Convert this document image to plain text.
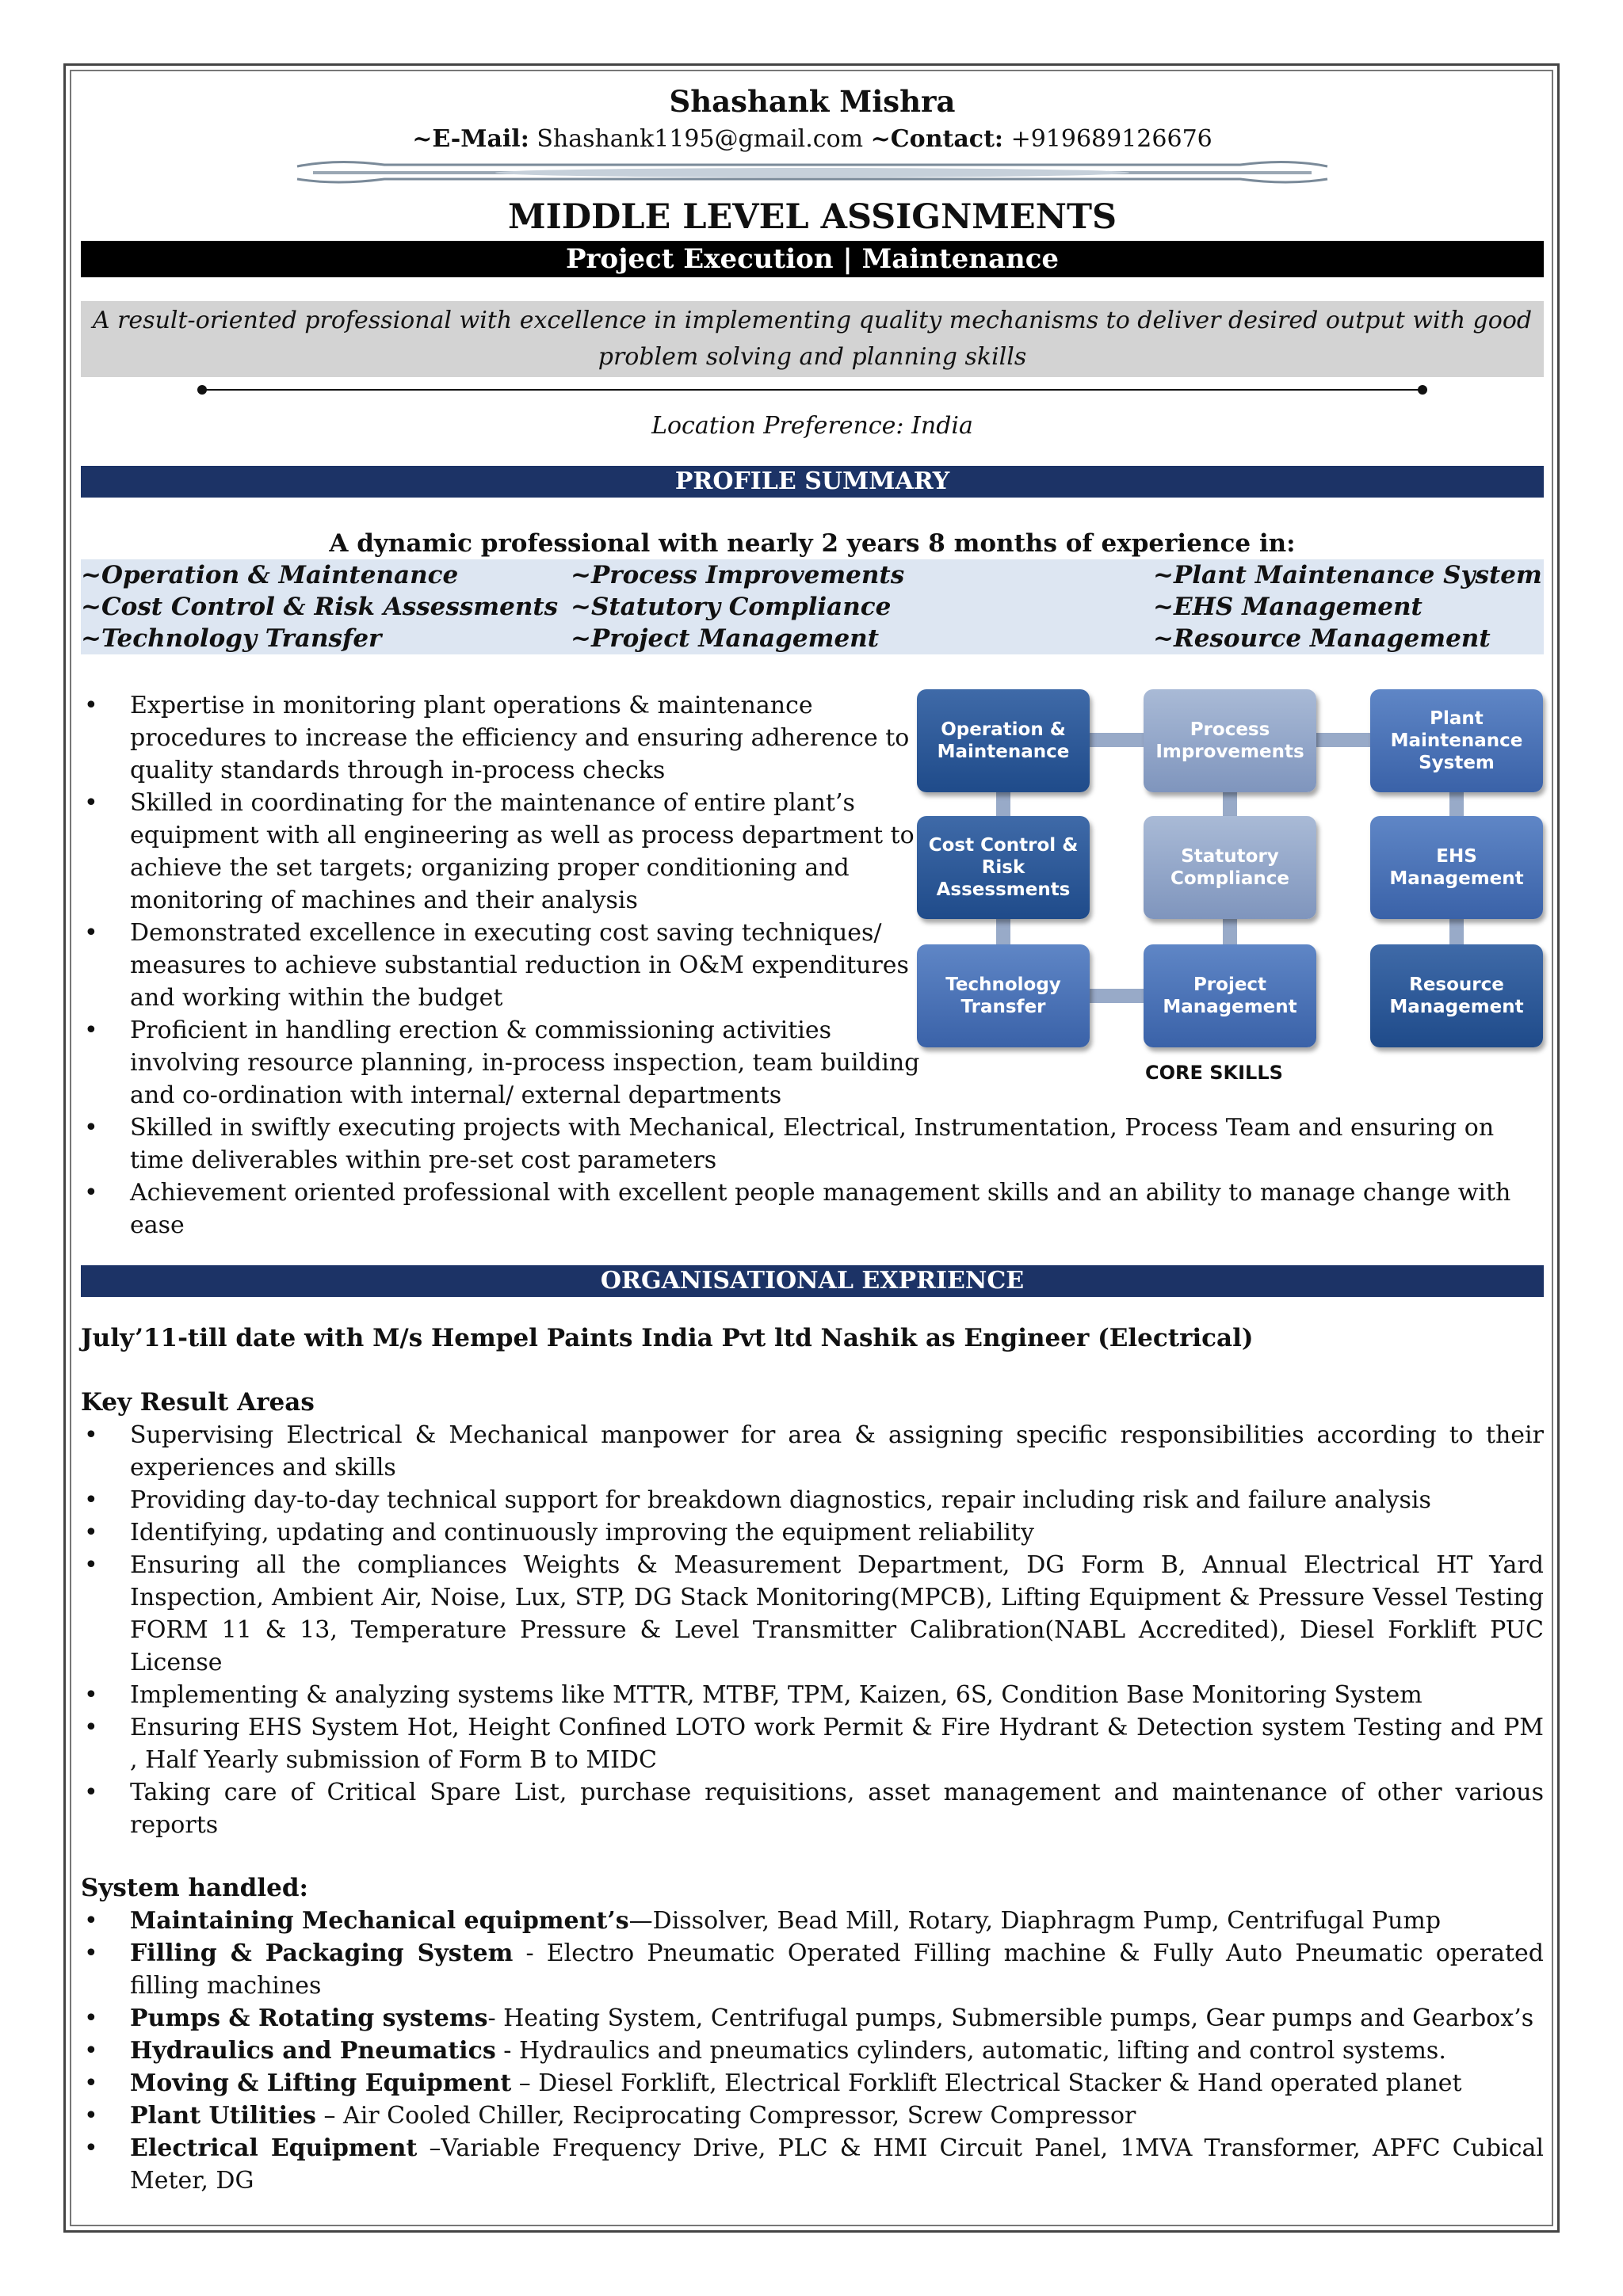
Shashank Mishra
~E-Mail: Shashank1195@gmail.com ~Contact: +919689126676
MIDDLE LEVEL ASSIGNMENTS
Project Execution | Maintenance
A result-oriented professional with excellence in implementing quality mechanisms to deliver desired output with good problem solving and planning skills
Location Preference: India
PROFILE SUMMARY
A dynamic professional with nearly 2 years 8 months of experience in:
~Operation & Maintenance	~Process Improvements	~Plant Maintenance System
~Cost Control & Risk Assessments ~Statutory Compliance	~EHS Management
~Technology Transfer	~Project Management	~Resource Management
• Expertise in monitoring plant operations & maintenance procedures to increase the efficiency and ensuring adherence to quality standards through in-process checks
• Skilled in coordinating for the maintenance of entire plant’s equipment with all engineering as well as process department to achieve the set targets; organizing proper conditioning and monitoring of machines and their analysis
• Demonstrated excellence in executing cost saving techniques/ measures to achieve substantial reduction in O&M expenditures and working within the budget
• Proficient in handling erection & commissioning activities involving resource planning, in-process inspection, team building and co-ordination with internal/ external departments
• Skilled in swiftly executing projects with Mechanical, Electrical, Instrumentation, Process Team and ensuring on time deliverables within pre-set cost parameters
• Achievement oriented professional with excellent people management skills and an ability to manage change with ease
Operation & Maintenance
Process Improvements
Plant Maintenance System
Cost Control & Risk Assessments
Statutory Compliance
EHS Management
Technology Transfer
Project Management
Resource Management
CORE SKILLS
ORGANISATIONAL EXPRIENCE
July’11-till date with M/s Hempel Paints India Pvt ltd Nashik as Engineer (Electrical)
Key Result Areas
• Supervising Electrical & Mechanical manpower for area & assigning specific responsibilities according to their experiences and skills
• Providing day-to-day technical support for breakdown diagnostics, repair including risk and failure analysis
• Identifying, updating and continuously improving the equipment reliability
• Ensuring all the compliances Weights & Measurement Department, DG Form B, Annual Electrical HT Yard Inspection, Ambient Air, Noise, Lux, STP, DG Stack Monitoring(MPCB), Lifting Equipment & Pressure Vessel Testing FORM 11 & 13, Temperature Pressure & Level Transmitter Calibration(NABL Accredited), Diesel Forklift PUC License
• Implementing & analyzing systems like MTTR, MTBF, TPM, Kaizen, 6S, Condition Base Monitoring System
• Ensuring EHS System Hot, Height Confined LOTO work Permit & Fire Hydrant & Detection system Testing and PM , Half Yearly submission of Form B to MIDC
• Taking care of Critical Spare List, purchase requisitions, asset management and maintenance of other various reports
System handled:
• Maintaining Mechanical equipment’s—Dissolver, Bead Mill, Rotary, Diaphragm Pump, Centrifugal Pump
• Filling & Packaging System - Electro Pneumatic Operated Filling machine & Fully Auto Pneumatic operated filling machines
• Pumps & Rotating systems- Heating System, Centrifugal pumps, Submersible pumps, Gear pumps and Gearbox’s
• Hydraulics and Pneumatics - Hydraulics and pneumatics cylinders, automatic, lifting and control systems.
• Moving & Lifting Equipment – Diesel Forklift, Electrical Forklift Electrical Stacker & Hand operated planet
• Plant Utilities – Air Cooled Chiller, Reciprocating Compressor, Screw Compressor
• Electrical Equipment –Variable Frequency Drive, PLC & HMI Circuit Panel, 1MVA Transformer, APFC Cubical Meter, DG
